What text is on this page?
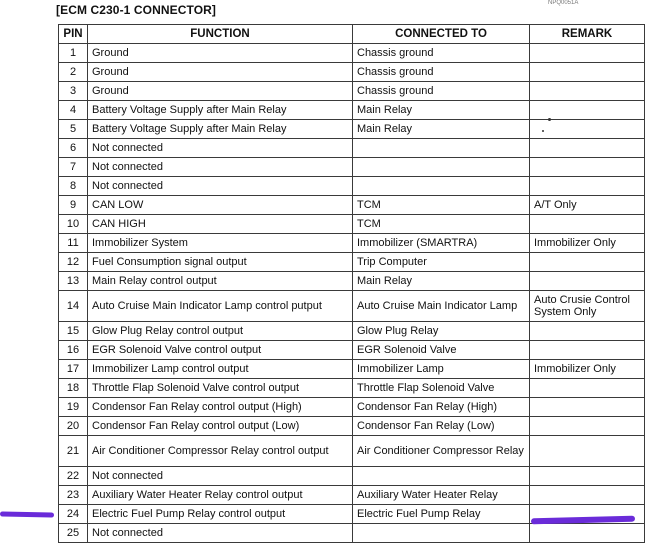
[ECM C230-1 CONNECTOR]	NPQ0051A
PIN	FUNCTION	CONNECTED TO	REMARK
1	Ground	Chassis ground	
2	Ground	Chassis ground	
3	Ground	Chassis ground	
4	Battery Voltage Supply after Main Relay	Main Relay	
5	Battery Voltage Supply after Main Relay	Main Relay	
6	Not connected		
7	Not connected		
8	Not connected		
9	CAN LOW	TCM	A/T Only
10	CAN HIGH	TCM	
11	Immobilizer System	Immobilizer (SMARTRA)	Immobilizer Only
12	Fuel Consumption signal output	Trip Computer	
13	Main Relay control output	Main Relay	
14	Auto Cruise Main Indicator Lamp control putput	Auto Cruise Main Indicator Lamp	Auto Crusie Control System Only
15	Glow Plug Relay control output	Glow Plug Relay	
16	EGR Solenoid Valve control output	EGR Solenoid Valve	
17	Immobilizer Lamp control output	Immobilizer Lamp	Immobilizer Only
18	Throttle Flap Solenoid Valve control output	Throttle Flap Solenoid Valve	
19	Condensor Fan Relay control output (High)	Condensor Fan Relay (High)	
20	Condensor Fan Relay control output (Low)	Condensor Fan Relay (Low)	
21	Air Conditioner Compressor Relay control output	Air Conditioner Compressor Relay	
22	Not connected		
23	Auxiliary Water Heater Relay control output	Auxiliary Water Heater Relay	
24	Electric Fuel Pump Relay control output	Electric Fuel Pump Relay	
25	Not connected		
